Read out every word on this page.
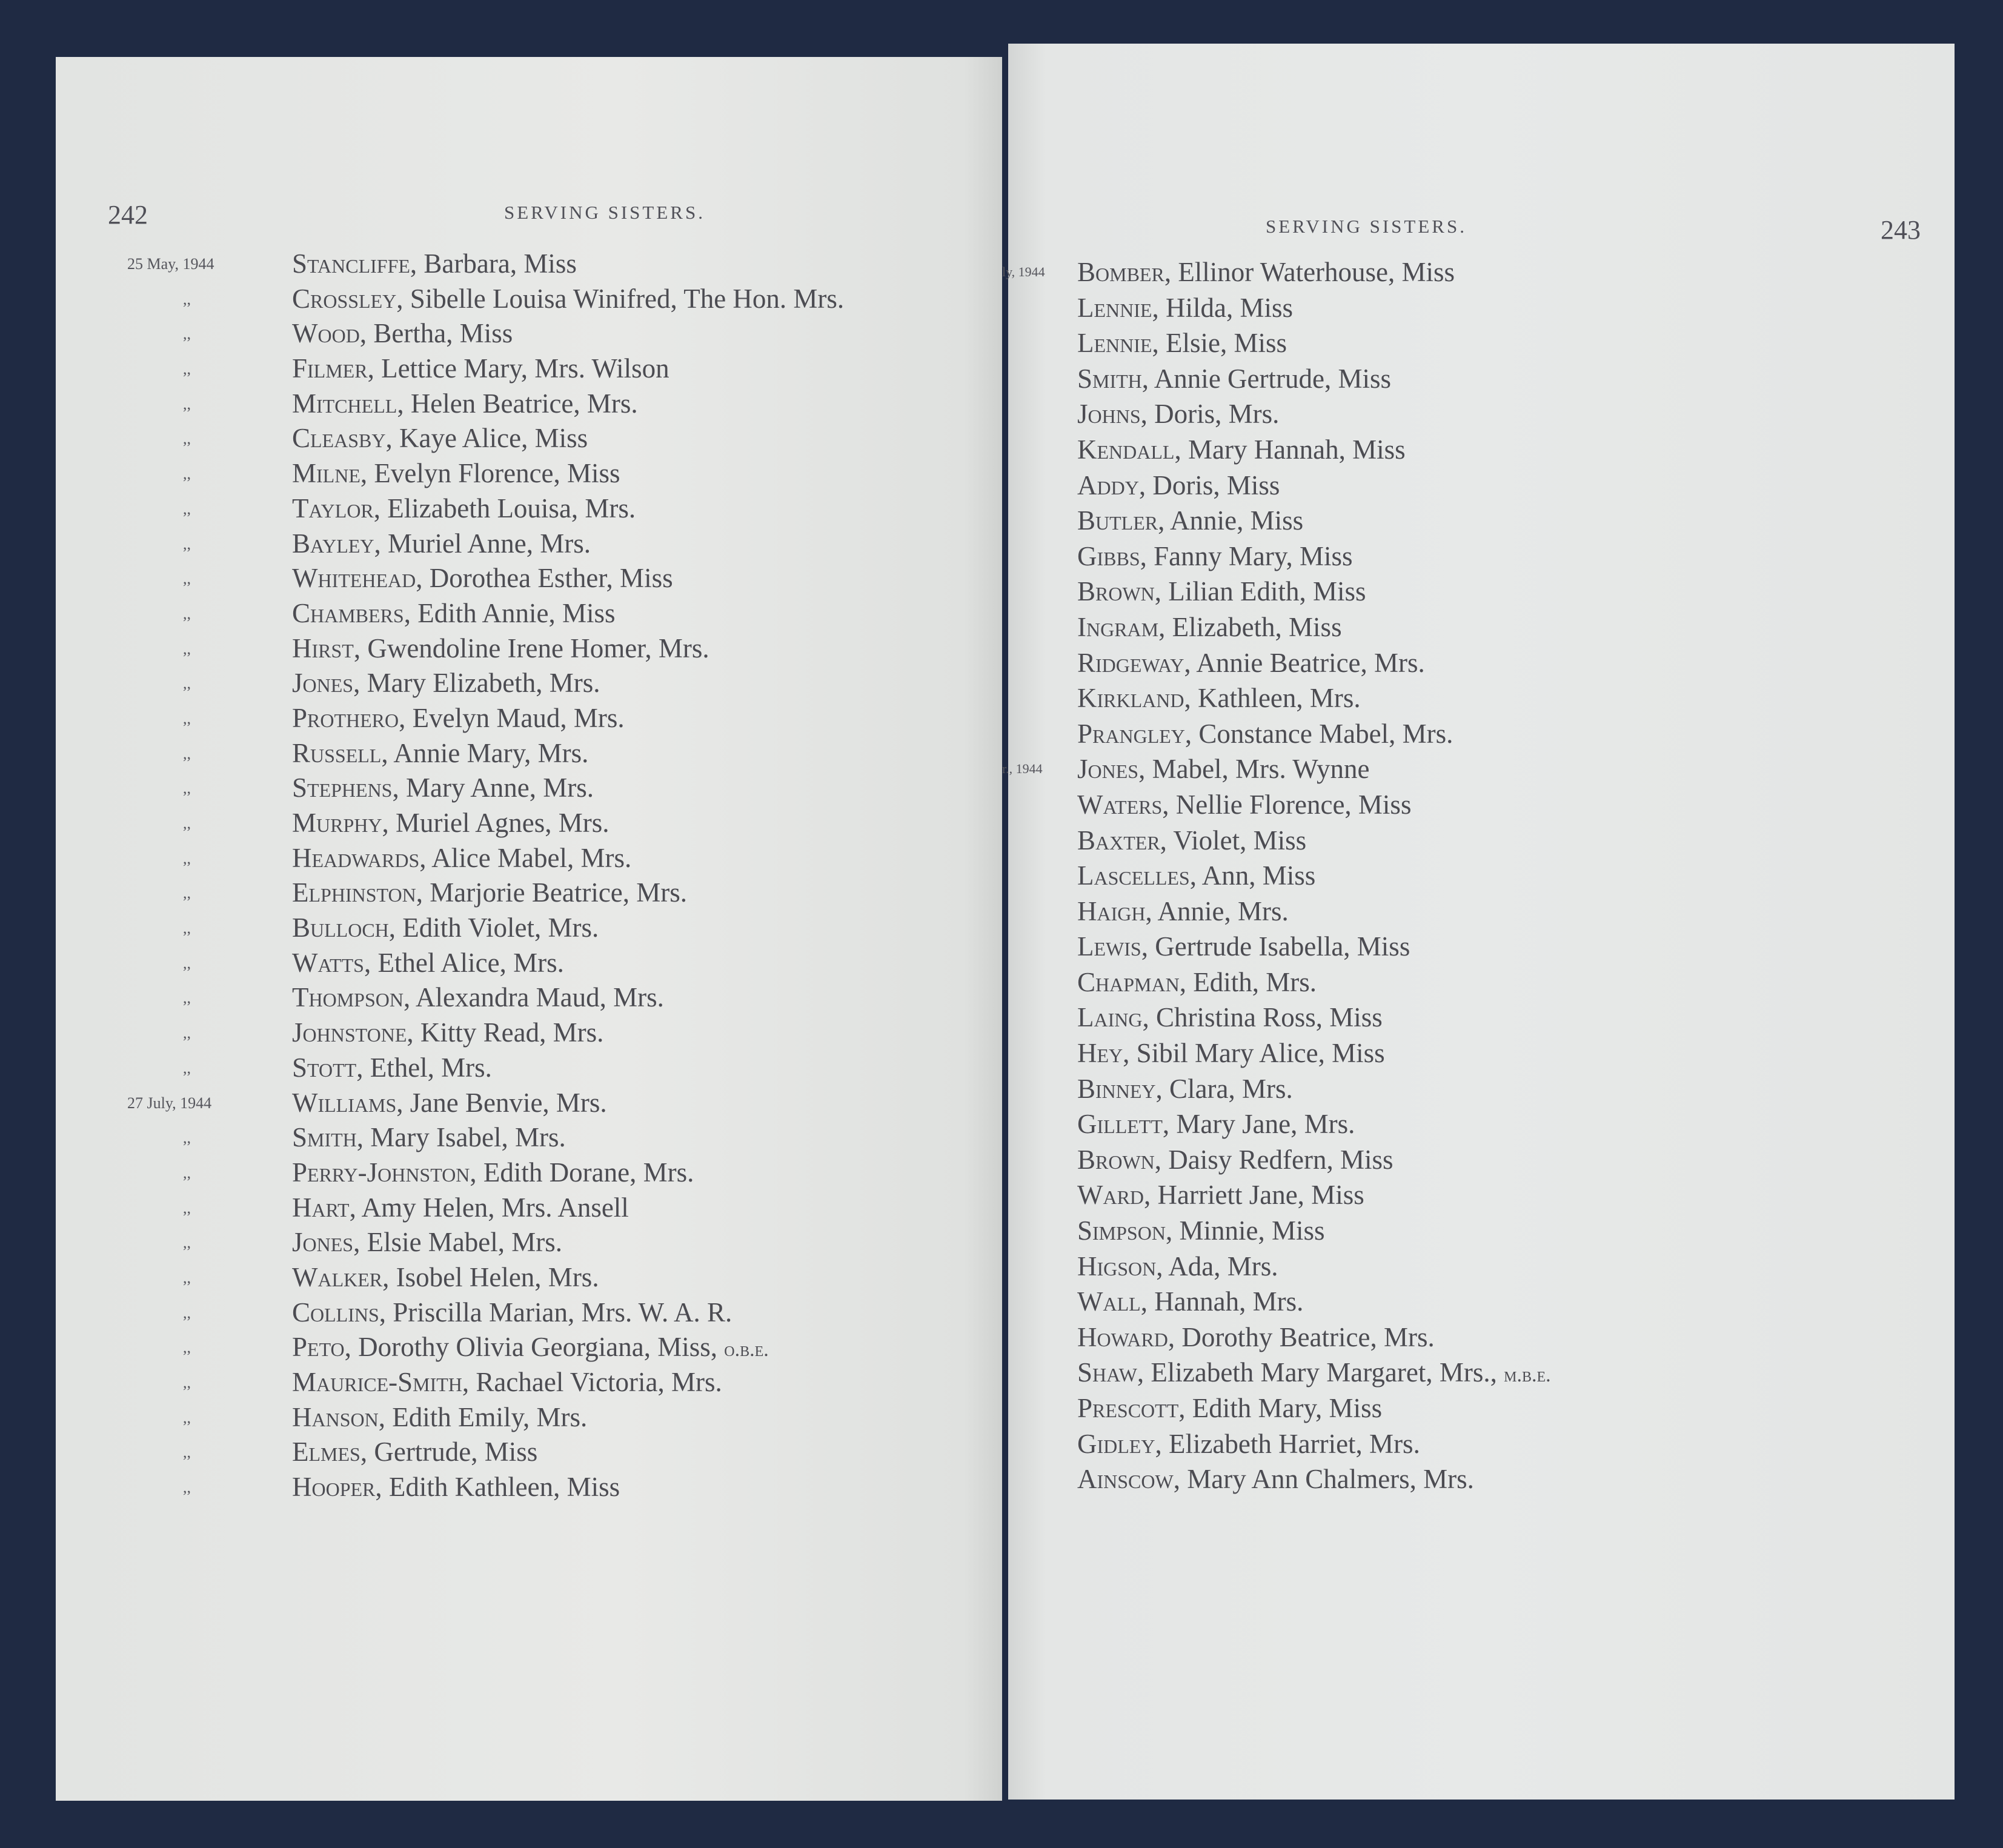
242	SERVING SISTERS.
25 May, 1944	Stancliffe, Barbara, Miss
,,	Crossley, Sibelle Louisa Winifred, The Hon. Mrs.
,,	Wood, Bertha, Miss
,,	Filmer, Lettice Mary, Mrs. Wilson
,,	Mitchell, Helen Beatrice, Mrs.
,,	Cleasby, Kaye Alice, Miss
,,	Milne, Evelyn Florence, Miss
,,	Taylor, Elizabeth Louisa, Mrs.
,,	Bayley, Muriel Anne, Mrs.
,,	Whitehead, Dorothea Esther, Miss
,,	Chambers, Edith Annie, Miss
,,	Hirst, Gwendoline Irene Homer, Mrs.
,,	Jones, Mary Elizabeth, Mrs.
,,	Prothero, Evelyn Maud, Mrs.
,,	Russell, Annie Mary, Mrs.
,,	Stephens, Mary Anne, Mrs.
,,	Murphy, Muriel Agnes, Mrs.
,,	Headwards, Alice Mabel, Mrs.
,,	Elphinston, Marjorie Beatrice, Mrs.
,,	Bulloch, Edith Violet, Mrs.
,,	Watts, Ethel Alice, Mrs.
,,	Thompson, Alexandra Maud, Mrs.
,,	Johnstone, Kitty Read, Mrs.
,,	Stott, Ethel, Mrs.
27 July, 1944	Williams, Jane Benvie, Mrs.
,,	Smith, Mary Isabel, Mrs.
,,	Perry-Johnston, Edith Dorane, Mrs.
,,	Hart, Amy Helen, Mrs. Ansell
,,	Jones, Elsie Mabel, Mrs.
,,	Walker, Isobel Helen, Mrs.
,,	Collins, Priscilla Marian, Mrs. W. A. R.
,,	Peto, Dorothy Olivia Georgiana, Miss, o.b.e.
,,	Maurice-Smith, Rachael Victoria, Mrs.
,,	Hanson, Edith Emily, Mrs.
,,	Elmes, Gertrude, Miss
,,	Hooper, Edith Kathleen, Miss
SERVING SISTERS.	243
ly, 1944 Bomber, Ellinor Waterhouse, Miss
Lennie, Hilda, Miss
Lennie, Elsie, Miss
Smith, Annie Gertrude, Miss
Johns, Doris, Mrs.
Kendall, Mary Hannah, Miss
Addy, Doris, Miss
Butler, Annie, Miss
Gibbs, Fanny Mary, Miss
Brown, Lilian Edith, Miss
Ingram, Elizabeth, Miss
Ridgeway, Annie Beatrice, Mrs.
Kirkland, Kathleen, Mrs.
Prangley, Constance Mabel, Mrs.
r., 1944 Jones, Mabel, Mrs. Wynne
Waters, Nellie Florence, Miss
Baxter, Violet, Miss
Lascelles, Ann, Miss
Haigh, Annie, Mrs.
Lewis, Gertrude Isabella, Miss
Chapman, Edith, Mrs.
Laing, Christina Ross, Miss
Hey, Sibil Mary Alice, Miss
Binney, Clara, Mrs.
Gillett, Mary Jane, Mrs.
Brown, Daisy Redfern, Miss
Ward, Harriett Jane, Miss
Simpson, Minnie, Miss
Higson, Ada, Mrs.
Wall, Hannah, Mrs.
Howard, Dorothy Beatrice, Mrs.
Shaw, Elizabeth Mary Margaret, Mrs., m.b.e.
Prescott, Edith Mary, Miss
Gidley, Elizabeth Harriet, Mrs.
Ainscow, Mary Ann Chalmers, Mrs.
